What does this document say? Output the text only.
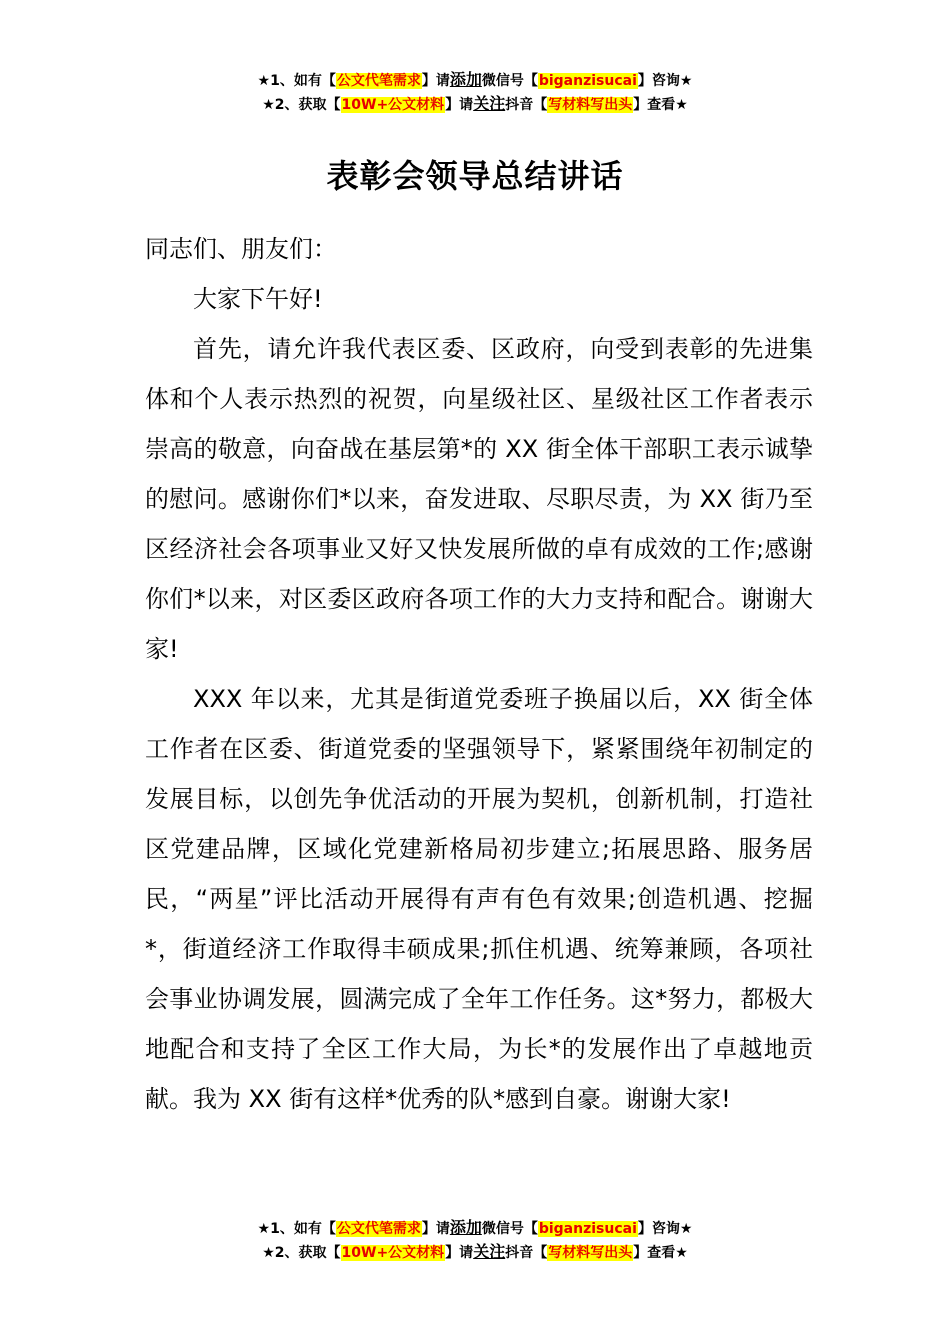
★1、如有【公文代笔需求】请添加微信号【biganzisucai】咨询★
★2、获取【10W+公文材料】请关注抖音【写材料写出头】查看★
表彰会领导总结讲话

同志们、朋友们：

大家下午好!

首先，请允许我代表区委、区政府，向受到表彰的先进集体和个人表示热烈的祝贺，向星级社区、星级社区工作者表示崇高的敬意，向奋战在基层第*的 XX 街全体干部职工表示诚挚的慰问。感谢你们*以来，奋发进取、尽职尽责，为 XX 街乃至区经济社会各项事业又好又快发展所做的卓有成效的工作;感谢你们*以来，对区委区政府各项工作的大力支持和配合。谢谢大家!

XXX 年以来，尤其是街道党委班子换届以后，XX 街全体工作者在区委、街道党委的坚强领导下，紧紧围绕年初制定的发展目标，以创先争优活动的开展为契机，创新机制，打造社区党建品牌，区域化党建新格局初步建立;拓展思路、服务居民，“两星”评比活动开展得有声有色有效果;创造机遇、挖掘*，街道经济工作取得丰硕成果;抓住机遇、统筹兼顾，各项社会事业协调发展，圆满完成了全年工作任务。这*努力，都极大地配合和支持了全区工作大局，为长*的发展作出了卓越地贡献。我为 XX 街有这样*优秀的队*感到自豪。谢谢大家!

★1、如有【公文代笔需求】请添加微信号【biganzisucai】咨询★
★2、获取【10W+公文材料】请关注抖音【写材料写出头】查看★
